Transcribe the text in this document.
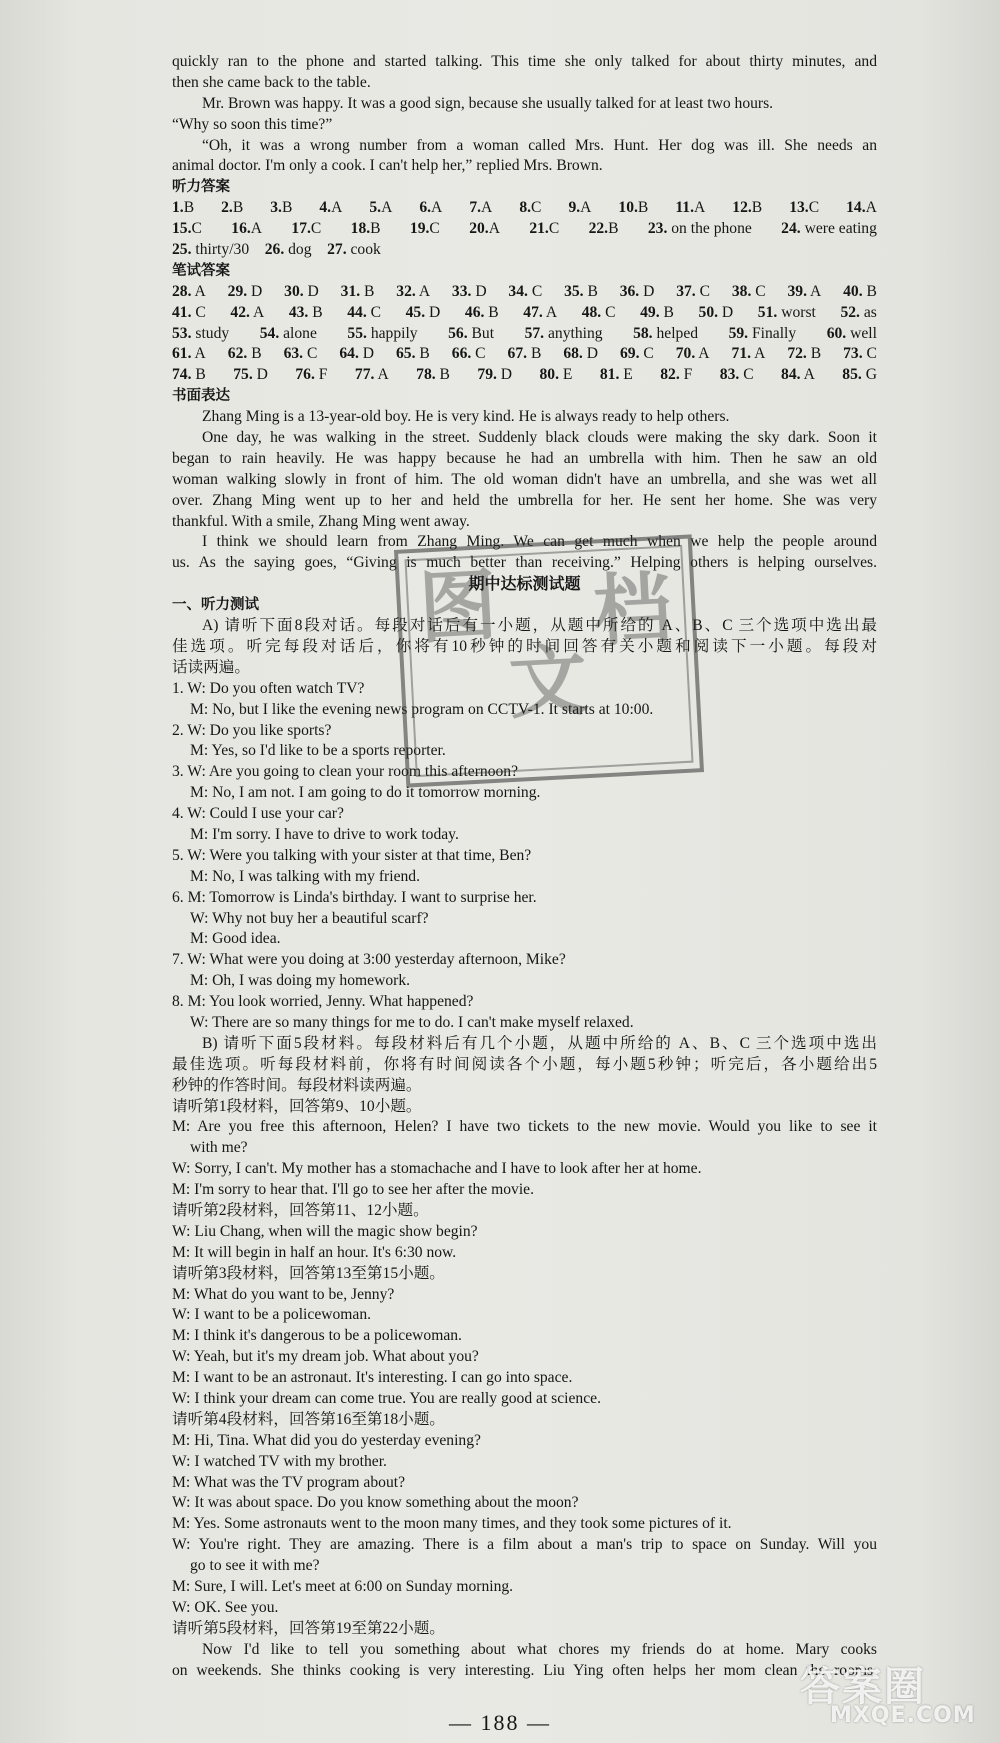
quickly ran to the phone and started talking. This time she only talked for about thirty minutes, and
then she came back to the table.
Mr. Brown was happy. It was a good sign, because she usually talked for at least two hours.
“Why so soon this time?”
“Oh, it was a wrong number from a woman called Mrs. Hunt. Her dog was ill. She needs an
animal doctor. I'm only a cook. I can't help her,” replied Mrs. Brown.
听力答案
1.B 2.B 3.B 4.A 5.A 6.A 7.A 8.C 9.A 10.B 11.A 12.B 13.C 14.A
15.C 16.A 17.C 18.B 19.C 20.A 21.C 22.B 23. on the phone 24. were eating
25. thirty/30 26. dog 27. cook
笔试答案
28. A 29. D 30. D 31. B 32. A 33. D 34. C 35. B 36. D 37. C 38. C 39. A 40. B
41. C 42. A 43. B 44. C 45. D 46. B 47. A 48. C 49. B 50. D 51. worst 52. as
53. study 54. alone 55. happily 56. But 57. anything 58. helped 59. Finally 60. well
61. A 62. B 63. C 64. D 65. B 66. C 67. B 68. D 69. C 70. A 71. A 72. B 73. C
74. B 75. D 76. F 77. A 78. B 79. D 80. E 81. E 82. F 83. C 84. A 85. G
书面表达
Zhang Ming is a 13-year-old boy. He is very kind. He is always ready to help others.
One day, he was walking in the street. Suddenly black clouds were making the sky dark. Soon it
began to rain heavily. He was happy because he had an umbrella with him. Then he saw an old
woman walking slowly in front of him. The old woman didn't have an umbrella, and she was wet all
over. Zhang Ming went up to her and held the umbrella for her. He sent her home. She was very
thankful. With a smile, Zhang Ming went away.
I think we should learn from Zhang Ming. We can get much when we help the people around
us. As the saying goes, “Giving is much better than receiving.” Helping others is helping ourselves.
期中达标测试题
一、听力测试
A) 请听下面8段对话。每段对话后有一小题，从题中所给的 A、B、C 三个选项中选出最
佳选项。听完每段对话后，你将有10秒钟的时间回答有关小题和阅读下一小题。每段对
话读两遍。
1. W: Do you often watch TV?
M: No, but I like the evening news program on CCTV-1. It starts at 10:00.
2. W: Do you like sports?
M: Yes, so I'd like to be a sports reporter.
3. W: Are you going to clean your room this afternoon?
M: No, I am not. I am going to do it tomorrow morning.
4. W: Could I use your car?
M: I'm sorry. I have to drive to work today.
5. W: Were you talking with your sister at that time, Ben?
M: No, I was talking with my friend.
6. M: Tomorrow is Linda's birthday. I want to surprise her.
W: Why not buy her a beautiful scarf?
M: Good idea.
7. W: What were you doing at 3:00 yesterday afternoon, Mike?
M: Oh, I was doing my homework.
8. M: You look worried, Jenny. What happened?
W: There are so many things for me to do. I can't make myself relaxed.
B) 请听下面5段材料。每段材料后有几个小题，从题中所给的 A、B、C 三个选项中选出
最佳选项。听每段材料前，你将有时间阅读各个小题，每小题5秒钟；听完后，各小题给出5
秒钟的作答时间。每段材料读两遍。
请听第1段材料，回答第9、10小题。
M: Are you free this afternoon, Helen? I have two tickets to the new movie. Would you like to see it
with me?
W: Sorry, I can't. My mother has a stomachache and I have to look after her at home.
M: I'm sorry to hear that. I'll go to see her after the movie.
请听第2段材料，回答第11、12小题。
W: Liu Chang, when will the magic show begin?
M: It will begin in half an hour. It's 6:30 now.
请听第3段材料，回答第13至第15小题。
M: What do you want to be, Jenny?
W: I want to be a policewoman.
M: I think it's dangerous to be a policewoman.
W: Yeah, but it's my dream job. What about you?
M: I want to be an astronaut. It's interesting. I can go into space.
W: I think your dream can come true. You are really good at science.
请听第4段材料，回答第16至第18小题。
M: Hi, Tina. What did you do yesterday evening?
W: I watched TV with my brother.
M: What was the TV program about?
W: It was about space. Do you know something about the moon?
M: Yes. Some astronauts went to the moon many times, and they took some pictures of it.
W: You're right. They are amazing. There is a film about a man's trip to space on Sunday. Will you
go to see it with me?
M: Sure, I will. Let's meet at 6:00 on Sunday morning.
W: OK. See you.
请听第5段材料，回答第19至第22小题。
Now I'd like to tell you something about what chores my friends do at home. Mary cooks
on weekends. She thinks cooking is very interesting. Liu Ying often helps her mom clean the rooms.
图
文
档
— 188 —
答案圈
MXQE.COM
